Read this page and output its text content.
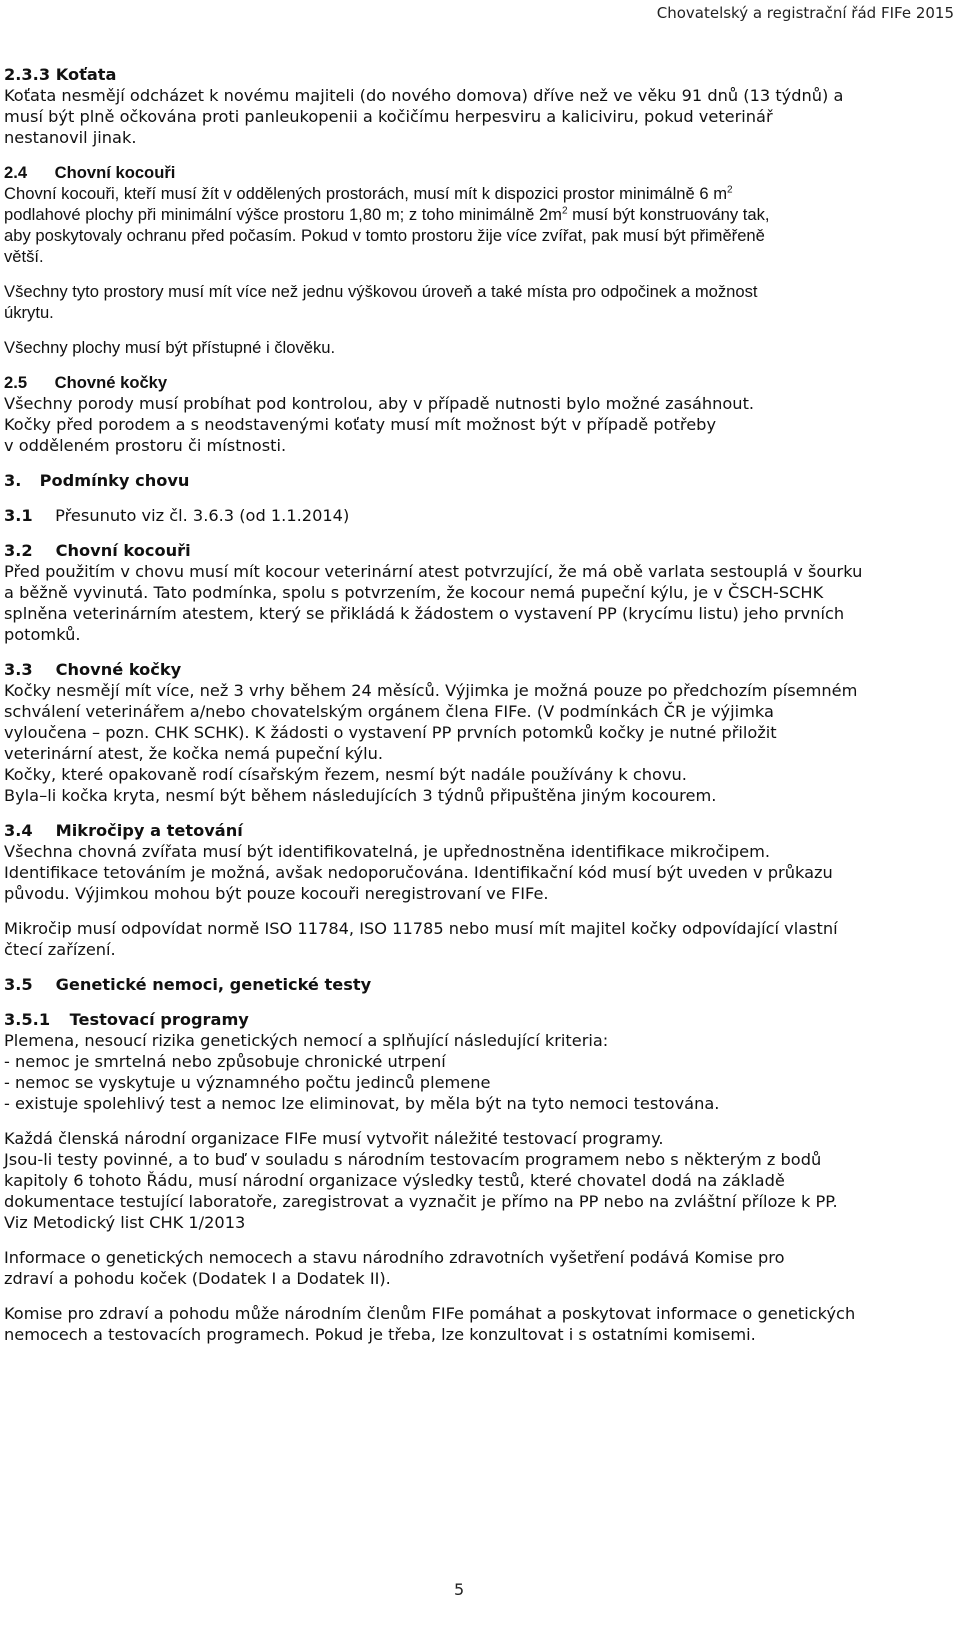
Chovatelský a registrační řád FIFe 2015
2.3.3 Koťata
Koťata nesmějí odcházet k novému majiteli (do nového domova) dříve než ve věku 91 dnů (13 týdnů) a
musí být plně očkována proti panleukopenii a kočičímu herpesviru a kaliciviru, pokud veterinář
nestanovil jinak.
2.4 Chovní kocouři
Chovní kocouři, kteří musí žít v oddělených prostorách, musí mít k dispozici prostor minimálně 6 $m^2$
podlahové plochy při minimální výšce prostoru 1,80 m; z toho minimálně $2m^2$ musí být konstruovány tak,
aby poskytovaly ochranu před počasím. Pokud v tomto prostoru žije více zvířat, pak musí být přiměřeně
větší.
Všechny tyto prostory musí mít více než jednu výškovou úroveň a také místa pro odpočinek a možnost
úkrytu.
Všechny plochy musí být přístupné i člověku.
2.5 Chovné kočky
Všechny porody musí probíhat pod kontrolou, aby v případě nutnosti bylo možné zasáhnout.
Kočky před porodem a s neodstavenými koťaty musí mít možnost být v případě potřeby
v odděleném prostoru či místnosti.
3. Podmínky chovu
3.1 Přesunuto viz čl. 3.6.3 (od 1.1.2014)
3.2 Chovní kocouři
Před použitím v chovu musí mít kocour veterinární atest potvrzující, že má obě varlata sestouplá v šourku
a běžně vyvinutá. Tato podmínka, spolu s potvrzením, že kocour nemá pupeční kýlu, je v ČSCH-SCHK
splněna veterinárním atestem, který se přikládá k žádostem o vystavení PP (krycímu listu) jeho prvních
potomků.
3.3 Chovné kočky
Kočky nesmějí mít více, než 3 vrhy během 24 měsíců. Výjimka je možná pouze po předchozím písemném
schválení veterinářem a/nebo chovatelským orgánem člena FIFe. (V podmínkách ČR je výjimka
vyloučena – pozn. CHK SCHK). K žádosti o vystavení PP prvních potomků kočky je nutné přiložit
veterinární atest, že kočka nemá pupeční kýlu.
Kočky, které opakovaně rodí císařským řezem, nesmí být nadále používány k chovu.
Byla–li kočka kryta, nesmí být během následujících 3 týdnů připuštěna jiným kocourem.
3.4 Mikročipy a tetování
Všechna chovná zvířata musí být identifikovatelná, je upřednostněna identifikace mikročipem.
Identifikace tetováním je možná, avšak nedoporučována. Identifikační kód musí být uveden v průkazu
původu. Výjimkou mohou být pouze kocouři neregistrovaní ve FIFe.
Mikročip musí odpovídat normě ISO 11784, ISO 11785 nebo musí mít majitel kočky odpovídající vlastní
čtecí zařízení.
3.5 Genetické nemoci, genetické testy
3.5.1 Testovací programy
Plemena, nesoucí rizika genetických nemocí a splňující následující kriteria:
- nemoc je smrtelná nebo způsobuje chronické utrpení
- nemoc se vyskytuje u významného počtu jedinců plemene
- existuje spolehlivý test a nemoc lze eliminovat, by měla být na tyto nemoci testována.
Každá členská národní organizace FIFe musí vytvořit náležité testovací programy.
Jsou-li testy povinné, a to buď v souladu s národním testovacím programem nebo s některým z bodů
kapitoly 6 tohoto Řádu, musí národní organizace výsledky testů, které chovatel dodá na základě
dokumentace testující laboratoře, zaregistrovat a vyznačit je přímo na PP nebo na zvláštní příloze k PP.
Viz Metodický list CHK 1/2013
Informace o genetických nemocech a stavu národního zdravotních vyšetření podává Komise pro
zdraví a pohodu koček (Dodatek I a Dodatek II).
Komise pro zdraví a pohodu může národním členům FIFe pomáhat a poskytovat informace o genetických
nemocech a testovacích programech. Pokud je třeba, lze konzultovat i s ostatními komisemi.
5
